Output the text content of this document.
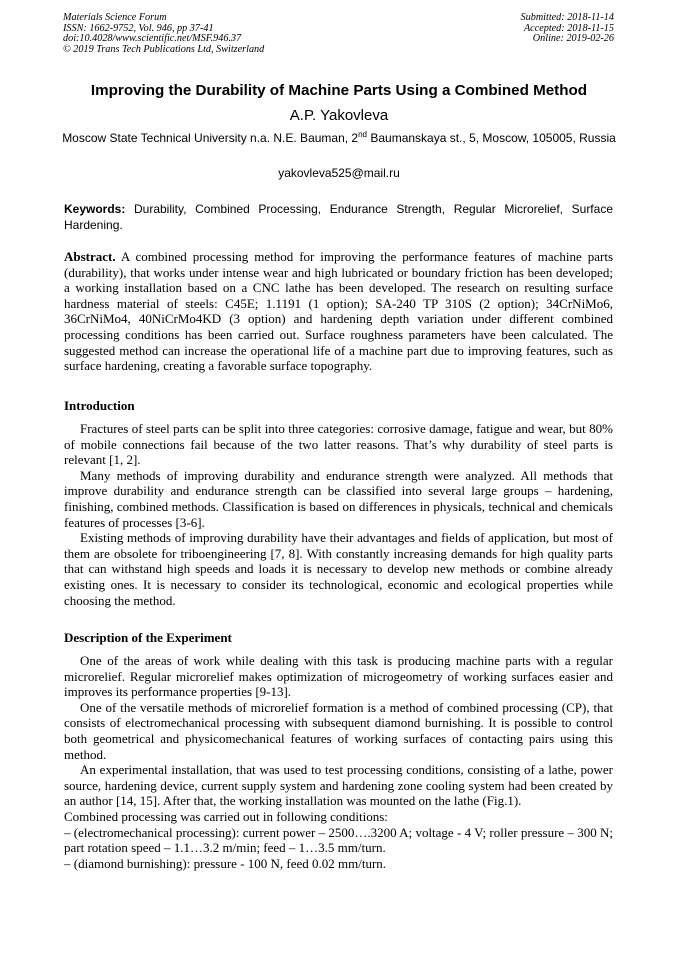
Materials Science Forum
ISSN: 1662-9752, Vol. 946, pp 37-41
doi:10.4028/www.scientific.net/MSF.946.37
© 2019 Trans Tech Publications Ltd, Switzerland
Submitted: 2018-11-14
Accepted: 2018-11-15
Online: 2019-02-26
Improving the Durability of Machine Parts Using a Combined Method
A.P. Yakovleva
Moscow State Technical University n.a. N.E. Bauman, 2nd Baumanskaya st., 5, Moscow, 105005, Russia
yakovleva525@mail.ru
Keywords: Durability, Combined Processing, Endurance Strength, Regular Microrelief, Surface Hardening.
Abstract. A combined processing method for improving the performance features of machine parts (durability), that works under intense wear and high lubricated or boundary friction has been developed; a working installation based on a CNC lathe has been developed. The research on resulting surface hardness material of steels: C45E; 1.1191 (1 option); SA-240 TP 310S (2 option); 34CrNiMo6, 36CrNiMo4, 40NiCrMo4KD (3 option) and hardening depth variation under different combined processing conditions has been carried out. Surface roughness parameters have been calculated. The suggested method can increase the operational life of a machine part due to improving features, such as surface hardening, creating a favorable surface topography.
Introduction

Fractures of steel parts can be split into three categories: corrosive damage, fatigue and wear, but 80% of mobile connections fail because of the two latter reasons. That’s why durability of steel parts is relevant [1, 2].

Many methods of improving durability and endurance strength were analyzed. All methods that improve durability and endurance strength can be classified into several large groups – hardening, finishing, combined methods. Classification is based on differences in physicals, technical and chemicals features of processes [3-6].

Existing methods of improving durability have their advantages and fields of application, but most of them are obsolete for triboengineering [7, 8]. With constantly increasing demands for high quality parts that can withstand high speeds and loads it is necessary to develop new methods or combine already existing ones. It is necessary to consider its technological, economic and ecological properties while choosing the method.

Description of the Experiment

One of the areas of work while dealing with this task is producing machine parts with a regular microrelief. Regular microrelief makes optimization of microgeometry of working surfaces easier and improves its performance properties [9-13].

One of the versatile methods of microrelief formation is a method of combined processing (CP), that consists of electromechanical processing with subsequent diamond burnishing. It is possible to control both geometrical and physicomechanical features of working surfaces of contacting pairs using this method.

An experimental installation, that was used to test processing conditions, consisting of a lathe, power source, hardening device, current supply system and hardening zone cooling system had been created by an author [14, 15]. After that, the working installation was mounted on the lathe (Fig.1).

Combined processing was carried out in following conditions:

– (electromechanical processing): current power – 2500….3200 A; voltage - 4 V; roller pressure – 300 N; part rotation speed – 1.1…3.2 m/min; feed – 1…3.5 mm/turn.

– (diamond burnishing): pressure - 100 N, feed 0.02 mm/turn.
